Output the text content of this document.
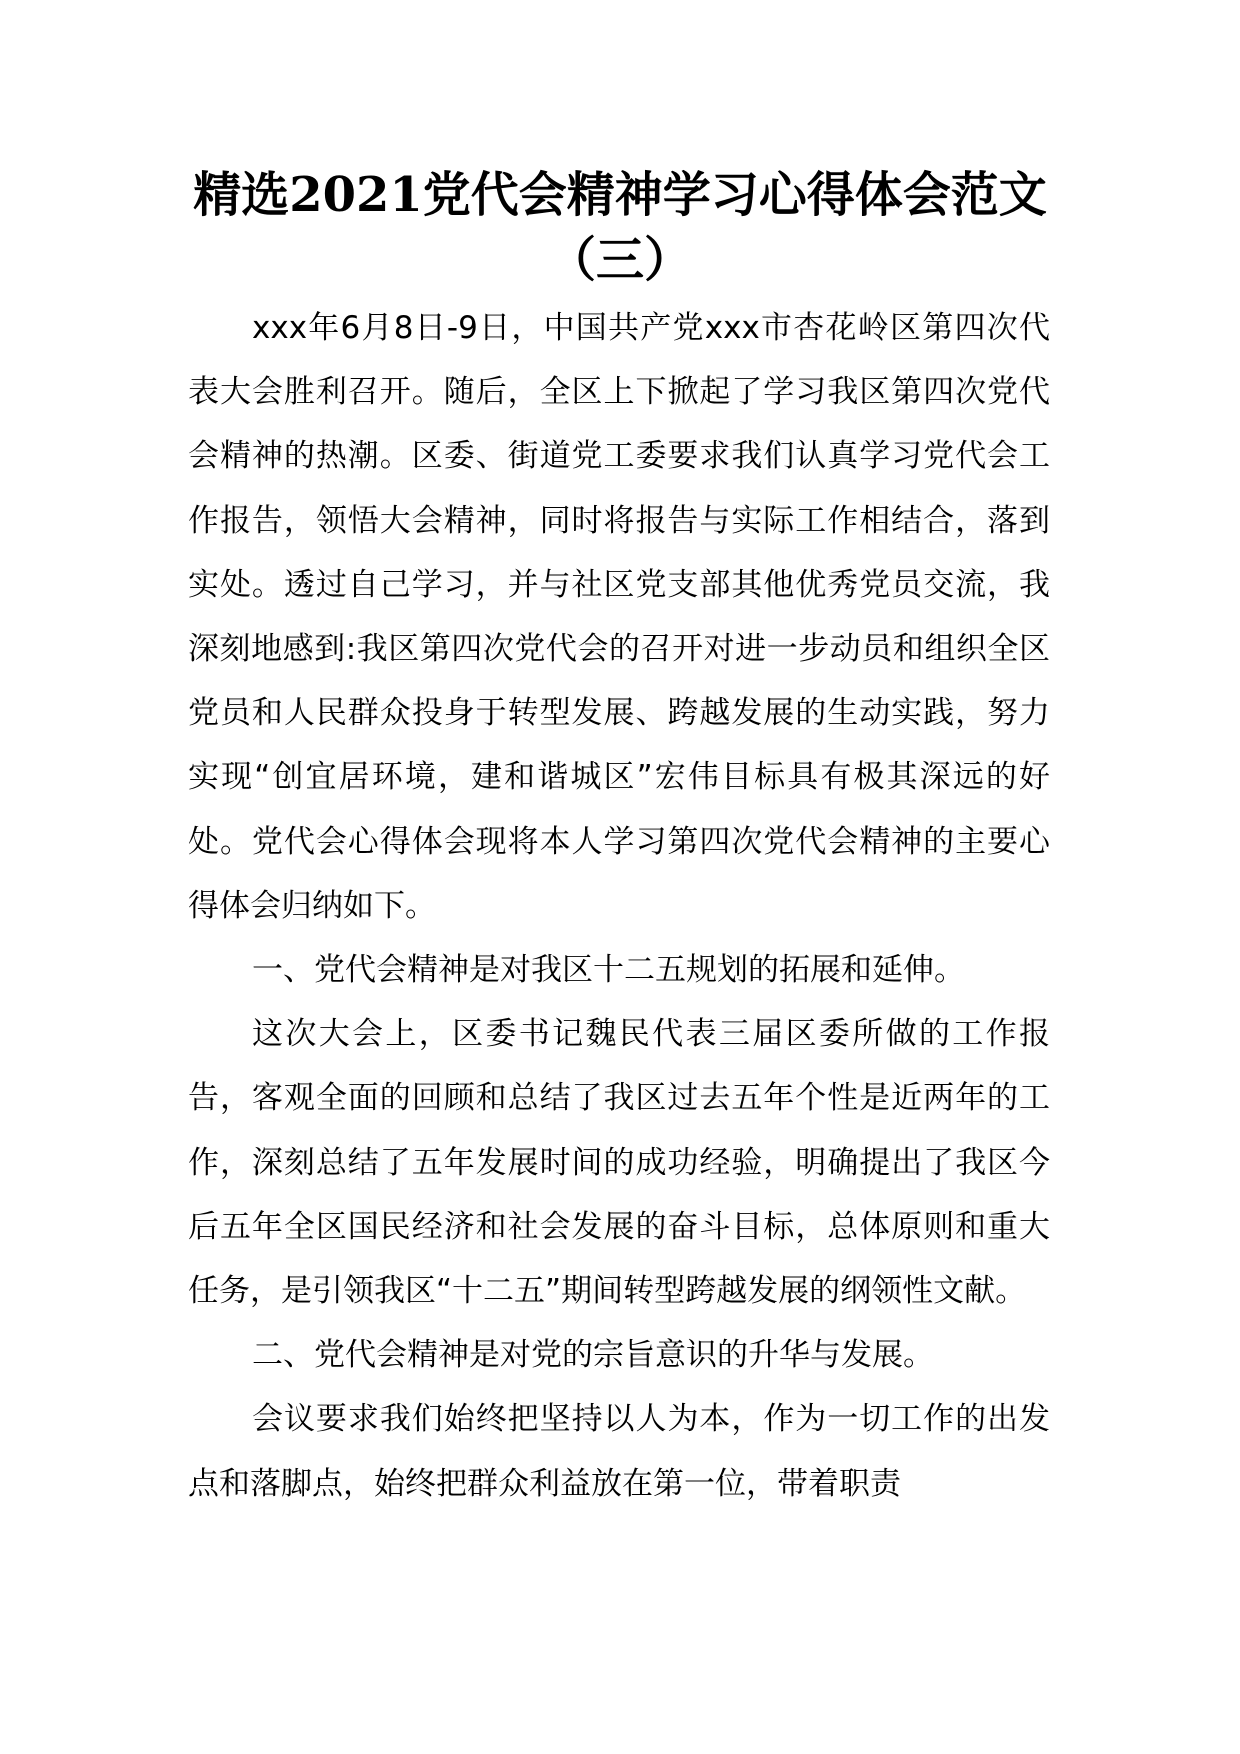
精选2021党代会精神学习心得体会范文
（三）

xxx年6月8日-9日，中国共产党xxx市杏花岭区第四次代表大会胜利召开。随后，全区上下掀起了学习我区第四次党代会精神的热潮。区委、街道党工委要求我们认真学习党代会工作报告，领悟大会精神，同时将报告与实际工作相结合，落到实处。透过自己学习，并与社区党支部其他优秀党员交流，我深刻地感到:我区第四次党代会的召开对进一步动员和组织全区党员和人民群众投身于转型发展、跨越发展的生动实践，努力实现“创宜居环境，建和谐城区”宏伟目标具有极其深远的好处。党代会心得体会现将本人学习第四次党代会精神的主要心得体会归纳如下。

一、党代会精神是对我区十二五规划的拓展和延伸。

这次大会上，区委书记魏民代表三届区委所做的工作报告，客观全面的回顾和总结了我区过去五年个性是近两年的工作，深刻总结了五年发展时间的成功经验，明确提出了我区今后五年全区国民经济和社会发展的奋斗目标，总体原则和重大任务，是引领我区“十二五”期间转型跨越发展的纲领性文献。

二、党代会精神是对党的宗旨意识的升华与发展。

会议要求我们始终把坚持以人为本，作为一切工作的出发点和落脚点，始终把群众利益放在第一位，带着职责
